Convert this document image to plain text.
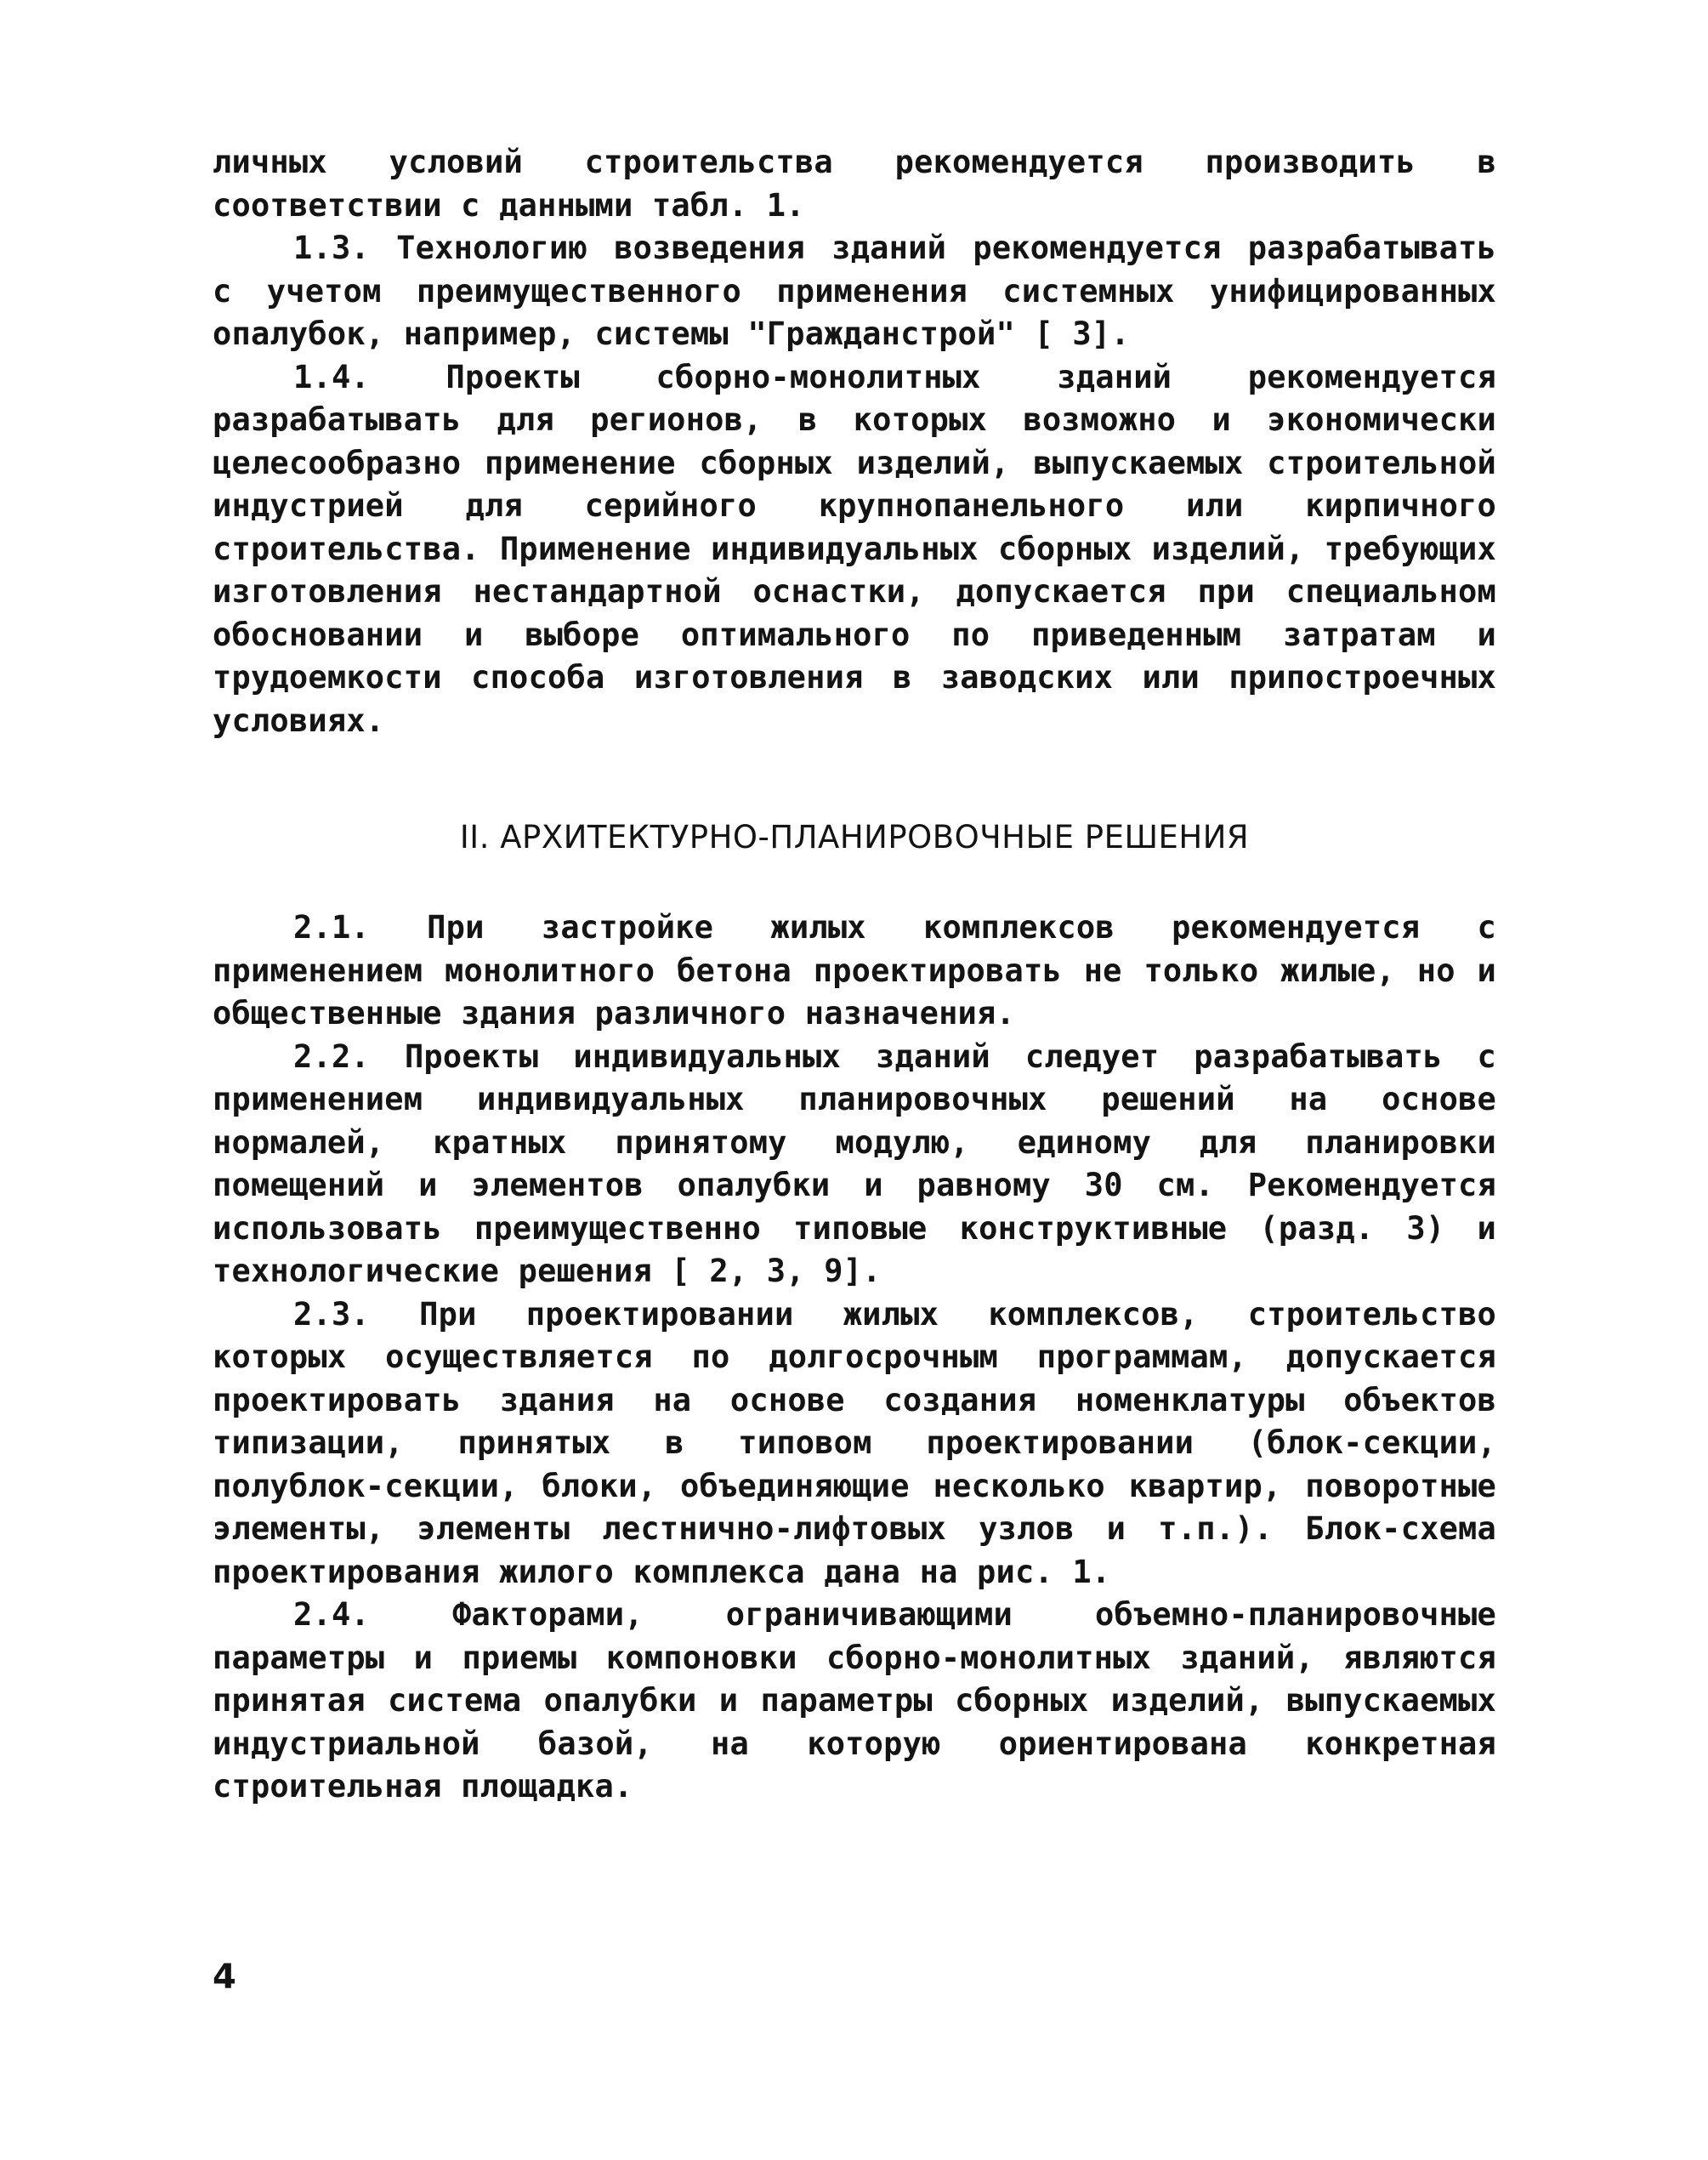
личных условий строительства рекомендуется производить в соответствии с данными табл. 1.

1.3. Технологию возведения зданий рекомендуется разрабатывать с учетом преимущественного применения системных унифицированных опалубок, например, системы "Гражданстрой" [ 3].

1.4. Проекты сборно-монолитных зданий рекомендуется разрабатывать для регионов, в которых возможно и экономически целесообразно применение сборных изделий, выпускаемых строительной индустрией для серийного крупнопанельного или кирпичного строительства. Применение индивидуальных сборных изделий, требующих изготовления нестандартной оснастки, допускается при специальном обосновании и выборе оптимального по приведенным затратам и трудоемкости способа изготовления в заводских или припостроечных условиях.

II. АРХИТЕКТУРНО-ПЛАНИРОВОЧНЫЕ РЕШЕНИЯ

2.1. При застройке жилых комплексов рекомендуется с применением монолитного бетона проектировать не только жилые, но и общественные здания различного назначения.

2.2. Проекты индивидуальных зданий следует разрабатывать с применением индивидуальных планировочных решений на основе нормалей, кратных принятому модулю, единому для планировки помещений и элементов опалубки и равному 30 см. Рекомендуется использовать преимущественно типовые конструктивные (разд. 3) и технологические решения [ 2, 3, 9].

2.3. При проектировании жилых комплексов, строительство которых осуществляется по долгосрочным программам, допускается проектировать здания на основе создания номенклатуры объектов типизации, принятых в типовом проектировании (блок-секции, полублок-секции, блоки, объединяющие несколько квартир, поворотные элементы, элементы лестнично-лифтовых узлов и т.п.). Блок-схема проектирования жилого комплекса дана на рис. 1.

2.4. Факторами, ограничивающими объемно-планировочные параметры и приемы компоновки сборно-монолитных зданий, являются принятая система опалубки и параметры сборных изделий, выпускаемых индустриальной базой, на которую ориентирована конкретная строительная площадка.

4
